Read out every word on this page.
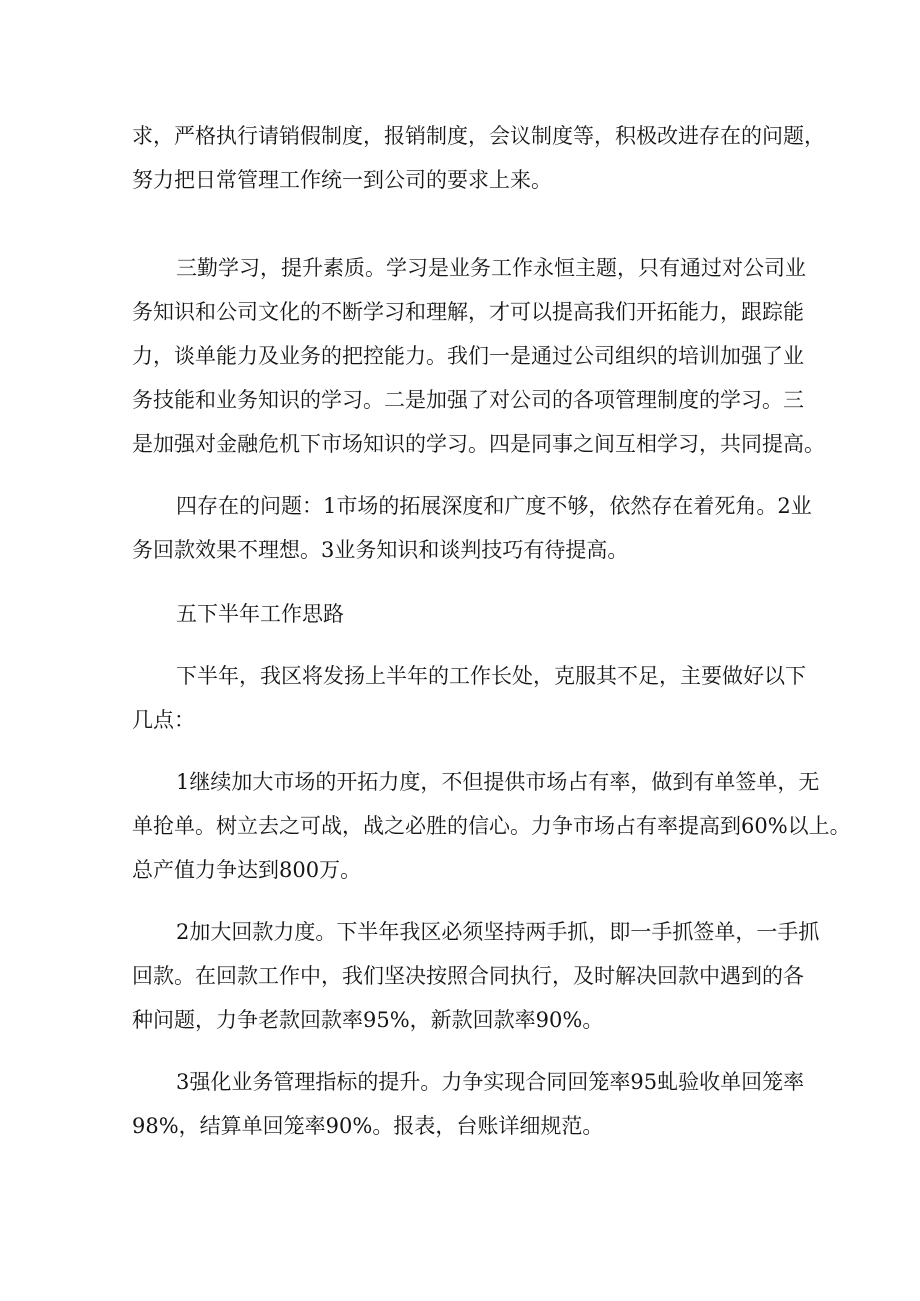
求，严格执行请销假制度，报销制度，会议制度等，积极改进存在的问题，
努力把日常管理工作统一到公司的要求上来。
三勤学习，提升素质。学习是业务工作永恒主题，只有通过对公司业
务知识和公司文化的不断学习和理解，才可以提高我们开拓能力，跟踪能
力，谈单能力及业务的把控能力。我们一是通过公司组织的培训加强了业
务技能和业务知识的学习。二是加强了对公司的各项管理制度的学习。三
是加强对金融危机下市场知识的学习。四是同事之间互相学习，共同提高。
四存在的问题：1市场的拓展深度和广度不够，依然存在着死角。2业
务回款效果不理想。3业务知识和谈判技巧有待提高。
五下半年工作思路
下半年，我区将发扬上半年的工作长处，克服其不足，主要做好以下
几点：
1继续加大市场的开拓力度，不但提供市场占有率，做到有单签单，无
单抢单。树立去之可战，战之必胜的信心。力争市场占有率提高到60%以上。
总产值力争达到800万。
2加大回款力度。下半年我区必须坚持两手抓，即一手抓签单，一手抓
回款。在回款工作中，我们坚决按照合同执行，及时解决回款中遇到的各
种问题，力争老款回款率95%，新款回款率90%。
3强化业务管理指标的提升。力争实现合同回笼率95虬验收单回笼率
98%，结算单回笼率90%。报表，台账详细规范。
